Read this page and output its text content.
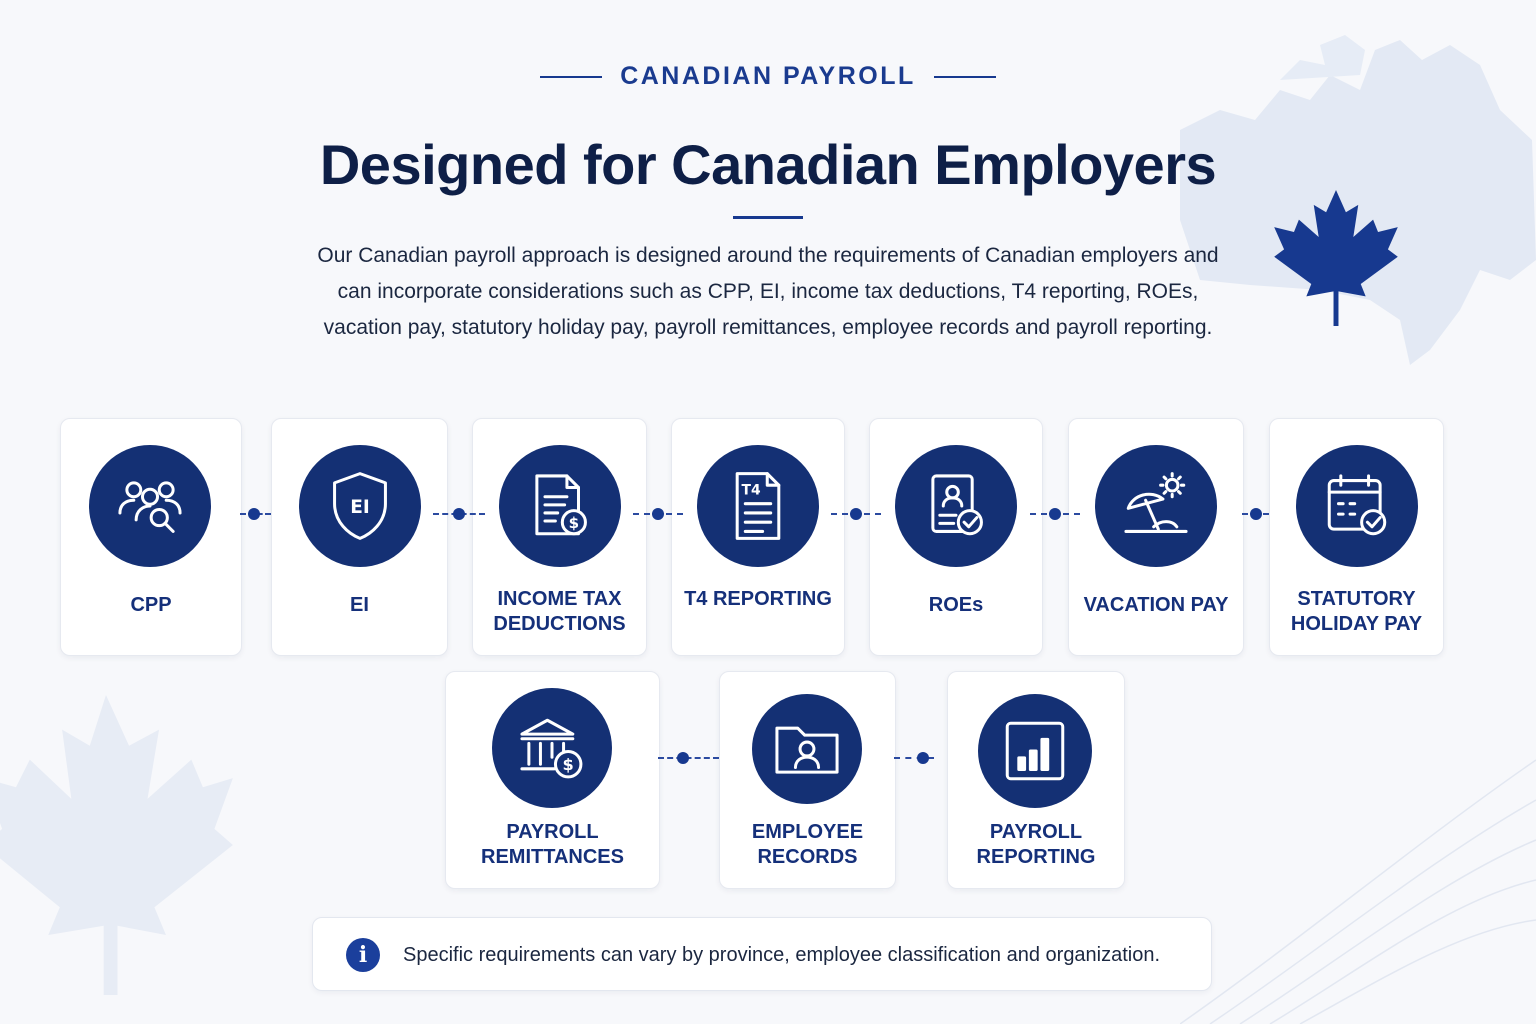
CANADIAN PAYROLL
Designed for Canadian Employers
Our Canadian payroll approach is designed around the requirements of Canadian employers and can incorporate considerations such as CPP, EI, income tax deductions, T4 reporting, ROEs, vacation pay, statutory holiday pay, payroll remittances, employee records and payroll reporting.
CPP
EI
EI
$
INCOME TAX DEDUCTIONS
T4
T4 REPORTING	ROEs	VACATION PAY	STATUTORY HOLIDAY PAY
$
PAYROLL REMITTANCES
EMPLOYEE RECORDS
PAYROLL REPORTING
i	Specific requirements can vary by province, employee classification and organization.
